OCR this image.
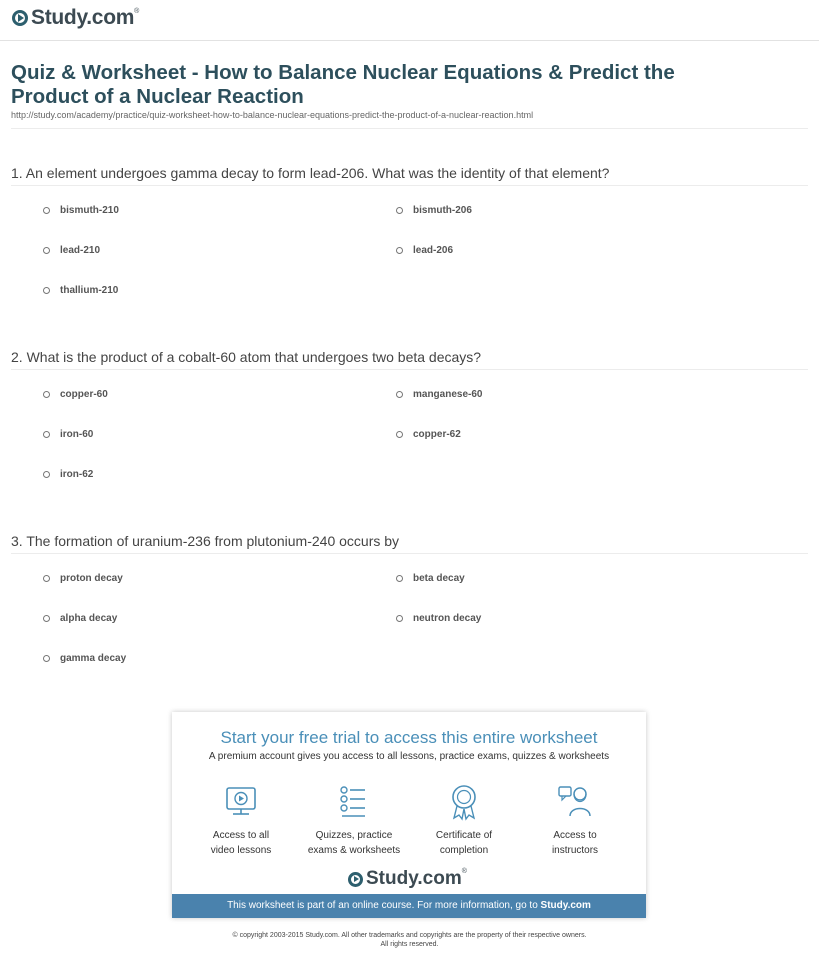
Study.com ®
Quiz & Worksheet - How to Balance Nuclear Equations & Predict the Product of a Nuclear Reaction
http://study.com/academy/practice/quiz-worksheet-how-to-balance-nuclear-equations-predict-the-product-of-a-nuclear-reaction.html
1. An element undergoes gamma decay to form lead-206. What was the identity of that element?
bismuth-210	bismuth-206
lead-210	lead-206
thallium-210
2. What is the product of a cobalt-60 atom that undergoes two beta decays?
copper-60	manganese-60
iron-60	copper-62
iron-62
3. The formation of uranium-236 from plutonium-240 occurs by
proton decay	beta decay
alpha decay	neutron decay
gamma decay
Start your free trial to access this entire worksheet
A premium account gives you access to all lessons, practice exams, quizzes & worksheets
Access to all
video lessons
Quizzes, practice
exams & worksheets
Certificate of
completion
Access to
instructors
Study.com ®
This worksheet is part of an online course. For more information, go to Study.com
© copyright 2003-2015 Study.com. All other trademarks and copyrights are the property of their respective owners.
All rights reserved.
